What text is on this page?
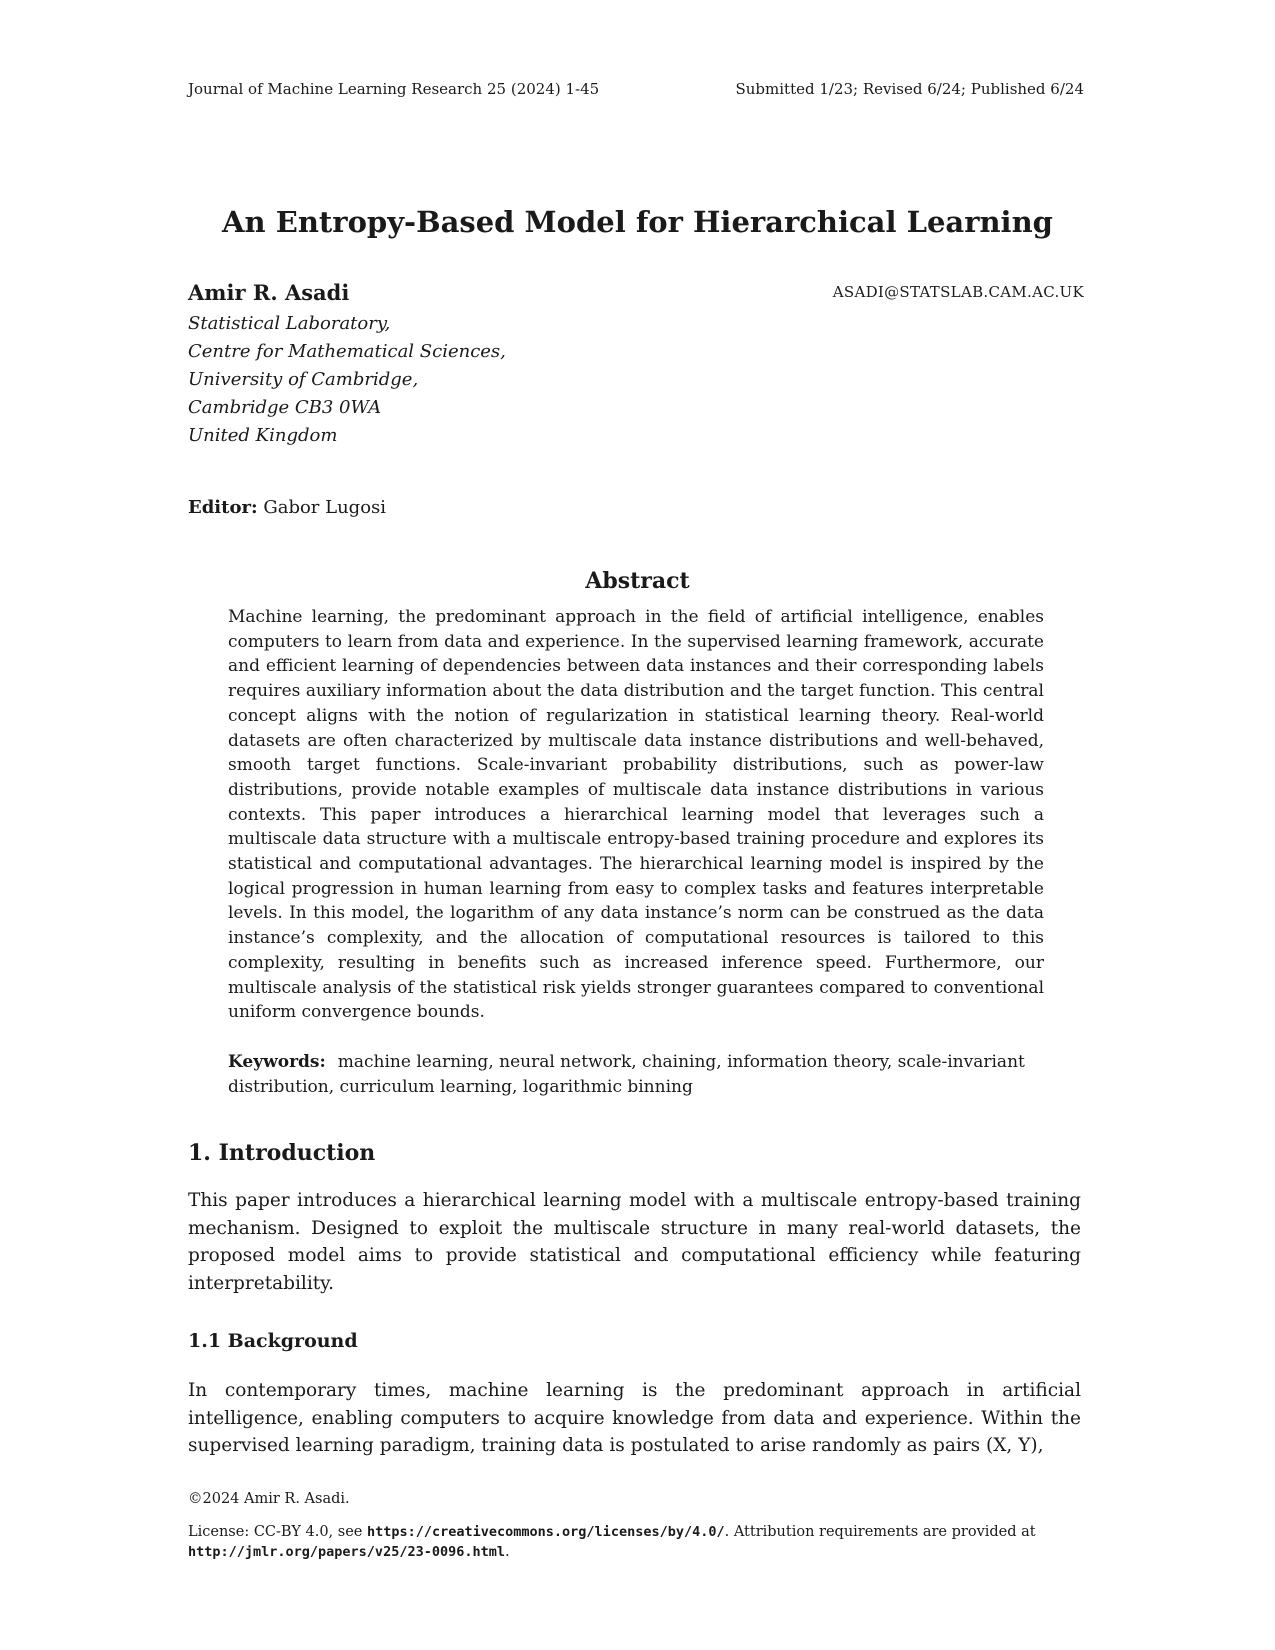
Journal of Machine Learning Research 25 (2024) 1-45	Submitted 1/23; Revised 6/24; Published 6/24
An Entropy-Based Model for Hierarchical Learning
Amir R. Asadi	ASADI@STATSLAB.CAM.AC.UK
Statistical Laboratory,
Centre for Mathematical Sciences,
University of Cambridge,
Cambridge CB3 0WA
United Kingdom
Editor: Gabor Lugosi
Abstract
Machine learning, the predominant approach in the field of artificial intelligence, enables computers to learn from data and experience. In the supervised learning framework, accurate and efficient learning of dependencies between data instances and their corresponding labels requires auxiliary information about the data distribution and the target function. This central concept aligns with the notion of regularization in statistical learning theory. Real-world datasets are often characterized by multiscale data instance distributions and well-behaved, smooth target functions. Scale-invariant probability distributions, such as power-law distributions, provide notable examples of multiscale data instance distributions in various contexts. This paper introduces a hierarchical learning model that leverages such a multiscale data structure with a multiscale entropy-based training procedure and explores its statistical and computational advantages. The hierarchical learning model is inspired by the logical progression in human learning from easy to complex tasks and features interpretable levels. In this model, the logarithm of any data instance’s norm can be construed as the data instance’s complexity, and the allocation of computational resources is tailored to this complexity, resulting in benefits such as increased inference speed. Furthermore, our multiscale analysis of the statistical risk yields stronger guarantees compared to conventional uniform convergence bounds.
Keywords: machine learning, neural network, chaining, information theory, scale-invariant distribution, curriculum learning, logarithmic binning
1. Introduction
This paper introduces a hierarchical learning model with a multiscale entropy-based training mechanism. Designed to exploit the multiscale structure in many real-world datasets, the proposed model aims to provide statistical and computational efficiency while featuring interpretability.
1.1 Background
In contemporary times, machine learning is the predominant approach in artificial intelligence, enabling computers to acquire knowledge from data and experience. Within the supervised learning paradigm, training data is postulated to arise randomly as pairs (X, Y),
©2024 Amir R. Asadi.
License: CC-BY 4.0, see https://creativecommons.org/licenses/by/4.0/. Attribution requirements are provided at http://jmlr.org/papers/v25/23-0096.html.
